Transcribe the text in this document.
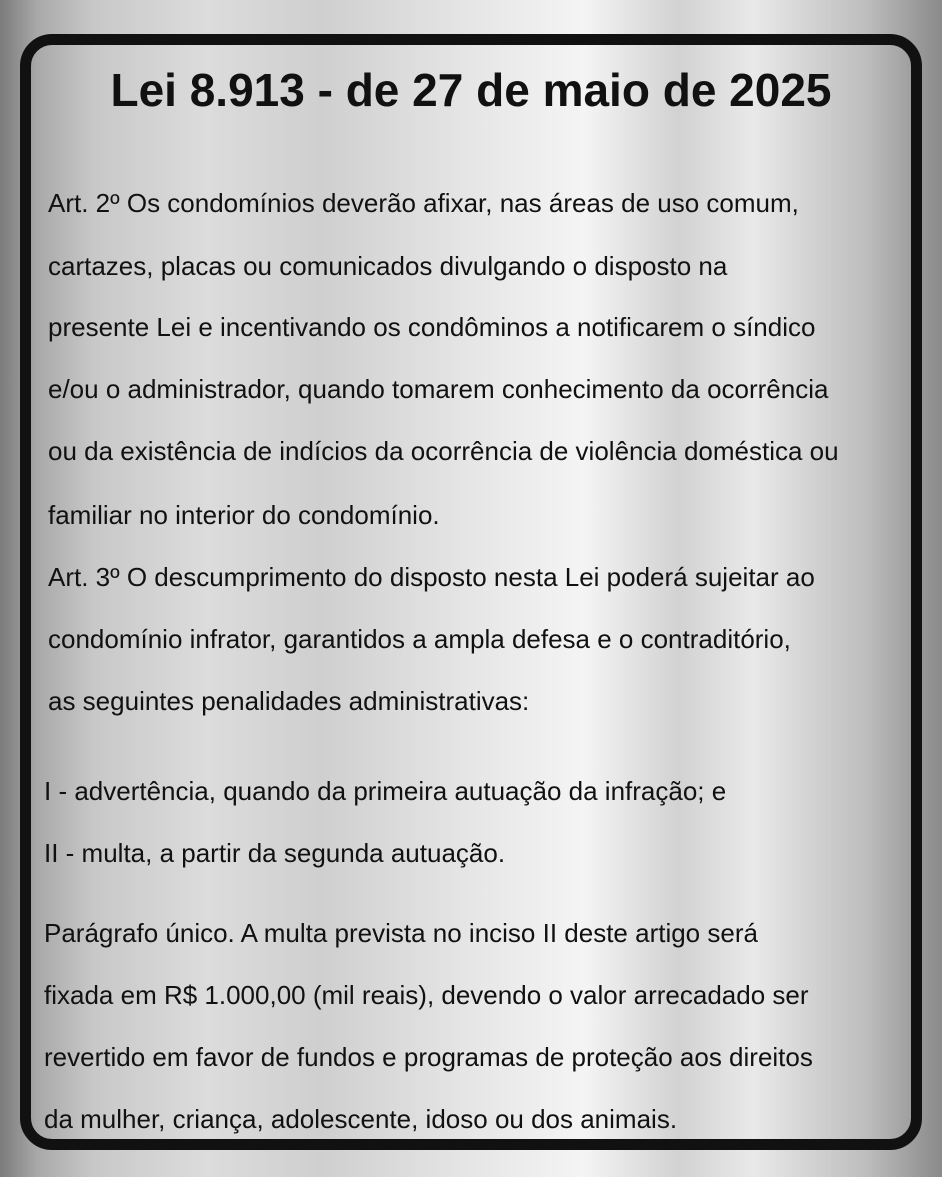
Lei 8.913 - de 27 de maio de 2025

Art. 2º Os condomínios deverão afixar, nas áreas de uso comum,

cartazes, placas ou comunicados divulgando o disposto na

presente Lei e incentivando os condôminos a notificarem o síndico

e/ou o administrador, quando tomarem conhecimento da ocorrência

ou da existência de indícios da ocorrência de violência doméstica ou

familiar no interior do condomínio.

Art. 3º O descumprimento do disposto nesta Lei poderá sujeitar ao

condomínio infrator, garantidos a ampla defesa e o contraditório,

as seguintes penalidades administrativas:

I - advertência, quando da primeira autuação da infração; e

II - multa, a partir da segunda autuação.

Parágrafo único. A multa prevista no inciso II deste artigo será

fixada em R$ 1.000,00 (mil reais), devendo o valor arrecadado ser

revertido em favor de fundos e programas de proteção aos direitos

da mulher, criança, adolescente, idoso ou dos animais.
